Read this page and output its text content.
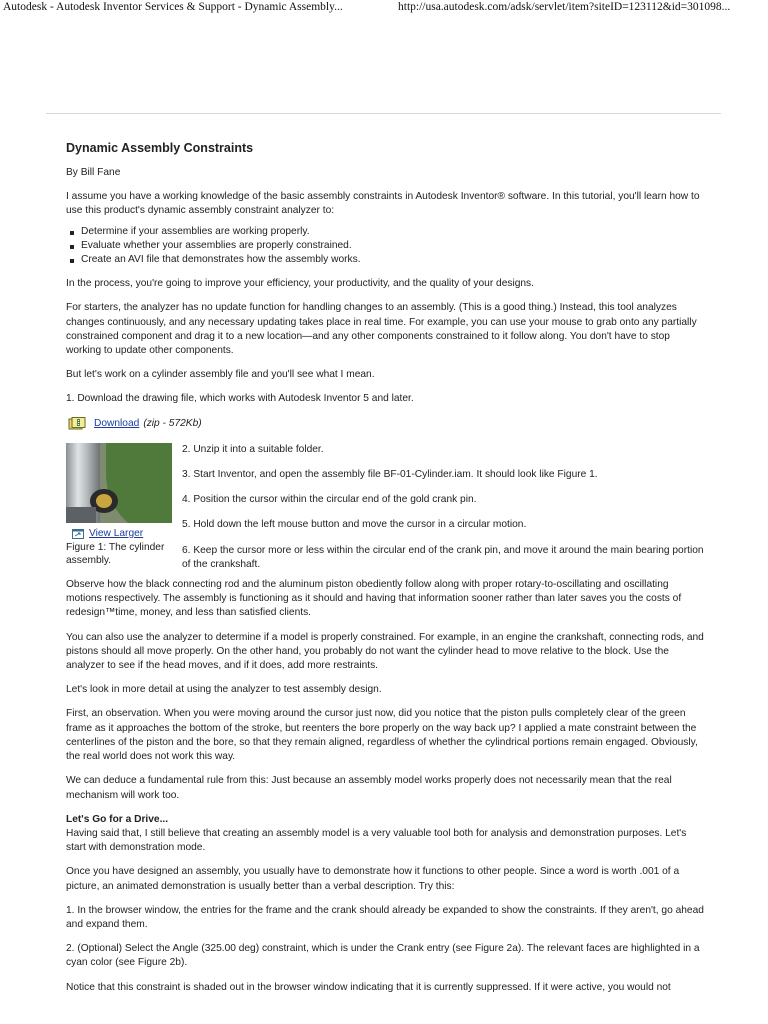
Autodesk - Autodesk Inventor Services & Support - Dynamic Assembly...	http://usa.autodesk.com/adsk/servlet/item?siteID=123112&id=301098...
Dynamic Assembly Constraints

By Bill Fane

I assume you have a working knowledge of the basic assembly constraints in Autodesk Inventor® software. In this tutorial, you'll learn how to use this product's dynamic assembly constraint analyzer to:

Determine if your assemblies are working properly.
Evaluate whether your assemblies are properly constrained.
Create an AVI file that demonstrates how the assembly works.

In the process, you're going to improve your efficiency, your productivity, and the quality of your designs.

For starters, the analyzer has no update function for handling changes to an assembly. (This is a good thing.) Instead, this tool analyzes changes continuously, and any necessary updating takes place in real time. For example, you can use your mouse to grab onto any partially constrained component and drag it to a new location—and any other components constrained to it follow along. You don't have to stop working to update other components.

But let's work on a cylinder assembly file and you'll see what I mean.

1. Download the drawing file, which works with Autodesk Inventor 5 and later.

Download (zip - 572Kb)
View Larger
Figure 1: The cylinder assembly.

2. Unzip it into a suitable folder.

3. Start Inventor, and open the assembly file BF-01-Cylinder.iam. It should look like Figure 1.

4. Position the cursor within the circular end of the gold crank pin.

5. Hold down the left mouse button and move the cursor in a circular motion.

6. Keep the cursor more or less within the circular end of the crank pin, and move it around the main bearing portion of the crankshaft.

Observe how the black connecting rod and the aluminum piston obediently follow along with proper rotary-to-oscillating and oscillating motions respectively. The assembly is functioning as it should and having that information sooner rather than later saves you the costs of redesign™time, money, and less than satisfied clients.

You can also use the analyzer to determine if a model is properly constrained. For example, in an engine the crankshaft, connecting rods, and pistons should all move properly. On the other hand, you probably do not want the cylinder head to move relative to the block. Use the analyzer to see if the head moves, and if it does, add more restraints.

Let's look in more detail at using the analyzer to test assembly design.

First, an observation. When you were moving around the cursor just now, did you notice that the piston pulls completely clear of the green frame as it approaches the bottom of the stroke, but reenters the bore properly on the way back up? I applied a mate constraint between the centerlines of the piston and the bore, so that they remain aligned, regardless of whether the cylindrical portions remain engaged. Obviously, the real world does not work this way.

We can deduce a fundamental rule from this: Just because an assembly model works properly does not necessarily mean that the real mechanism will work too.

Let's Go for a Drive...
Having said that, I still believe that creating an assembly model is a very valuable tool both for analysis and demonstration purposes. Let's start with demonstration mode.

Once you have designed an assembly, you usually have to demonstrate how it functions to other people. Since a word is worth .001 of a picture, an animated demonstration is usually better than a verbal description. Try this:

1. In the browser window, the entries for the frame and the crank should already be expanded to show the constraints. If they aren't, go ahead and expand them.

2. (Optional) Select the Angle (325.00 deg) constraint, which is under the Crank entry (see Figure 2a). The relevant faces are highlighted in a cyan color (see Figure 2b).

Notice that this constraint is shaded out in the browser window indicating that it is currently suppressed. If it were active, you would not
